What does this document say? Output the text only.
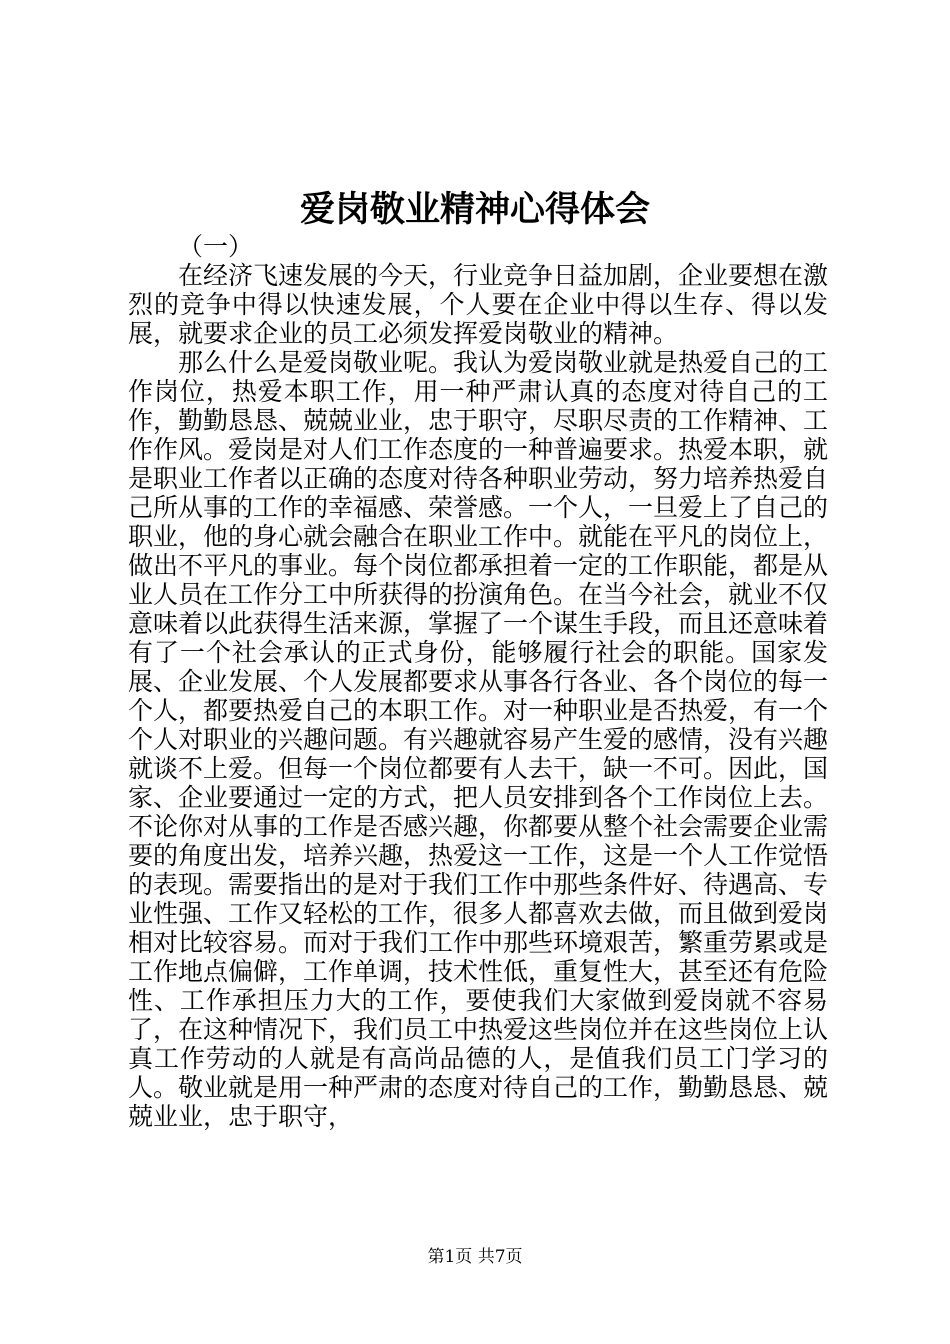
爱岗敬业精神心得体会
（一）

在经济飞速发展的今天，行业竞争日益加剧，企业要想在激烈的竞争中得以快速发展，个人要在企业中得以生存、得以发展，就要求企业的员工必须发挥爱岗敬业的精神。

那么什么是爱岗敬业呢。我认为爱岗敬业就是热爱自己的工作岗位，热爱本职工作，用一种严肃认真的态度对待自己的工作，勤勤恳恳、兢兢业业，忠于职守，尽职尽责的工作精神、工作作风。爱岗是对人们工作态度的一种普遍要求。热爱本职，就是职业工作者以正确的态度对待各种职业劳动，努力培养热爱自己所从事的工作的幸福感、荣誉感。一个人，一旦爱上了自己的职业，他的身心就会融合在职业工作中。就能在平凡的岗位上，做出不平凡的事业。每个岗位都承担着一定的工作职能，都是从业人员在工作分工中所获得的扮演角色。在当今社会，就业不仅意味着以此获得生活来源，掌握了一个谋生手段，而且还意味着有了一个社会承认的正式身份，能够履行社会的职能。国家发展、企业发展、个人发展都要求从事各行各业、各个岗位的每一个人，都要热爱自己的本职工作。对一种职业是否热爱，有一个个人对职业的兴趣问题。有兴趣就容易产生爱的感情，没有兴趣就谈不上爱。但每一个岗位都要有人去干，缺一不可。因此，国家、企业要通过一定的方式，把人员安排到各个工作岗位上去。不论你对从事的工作是否感兴趣，你都要从整个社会需要企业需要的角度出发，培养兴趣，热爱这一工作，这是一个人工作觉悟的表现。需要指出的是对于我们工作中那些条件好、待遇高、专业性强、工作又轻松的工作，很多人都喜欢去做，而且做到爱岗相对比较容易。而对于我们工作中那些环境艰苦，繁重劳累或是工作地点偏僻，工作单调，技术性低，重复性大，甚至还有危险性、工作承担压力大的工作，要使我们大家做到爱岗就不容易了，在这种情况下，我们员工中热爱这些岗位并在这些岗位上认真工作劳动的人就是有高尚品德的人，是值我们员工门学习的人。敬业就是用一种严肃的态度对待自己的工作，勤勤恳恳、兢兢业业，忠于职守，

第1页 共7页
